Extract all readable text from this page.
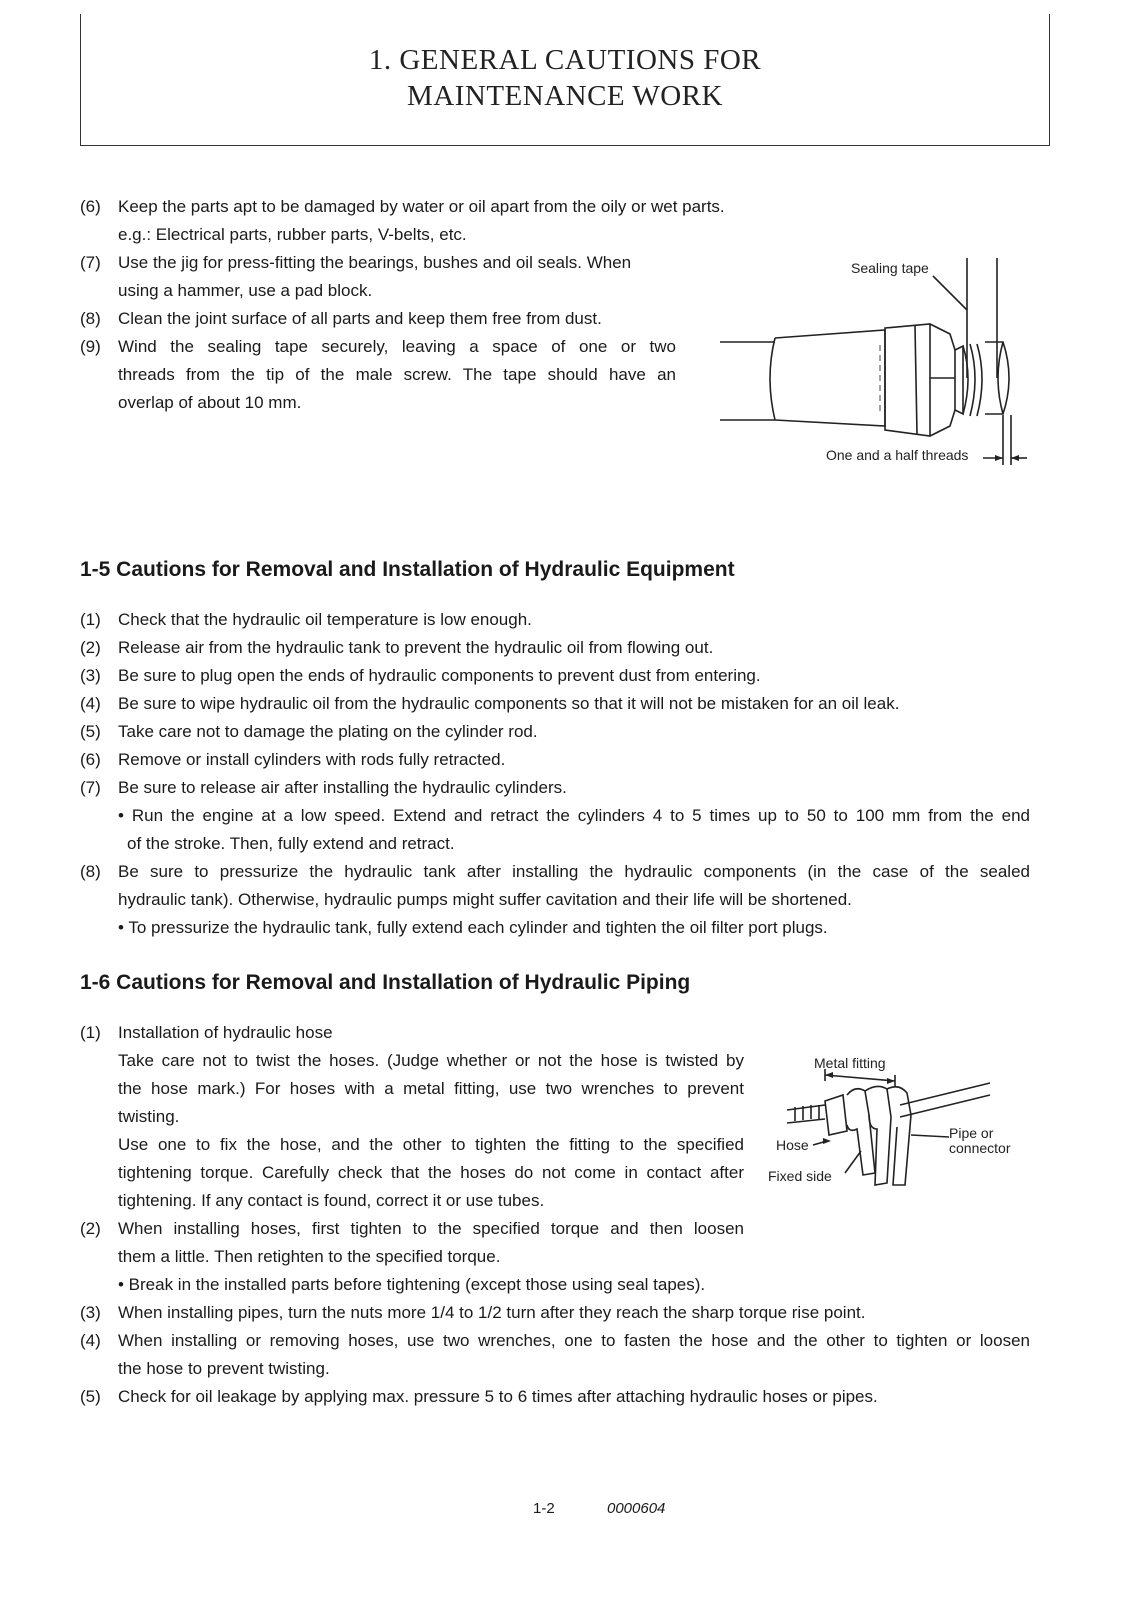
1. GENERAL CAUTIONS FOR
MAINTENANCE WORK
(6)	Keep the parts apt to be damaged by water or oil apart from the oily or wet parts.
e.g.: Electrical parts, rubber parts, V-belts, etc.
(7)	Use the jig for press-fitting the bearings, bushes and oil seals. When
using a hammer, use a pad block.
(8)	Clean the joint surface of all parts and keep them free from dust.
(9)	Wind the sealing tape securely, leaving a space of one or two
threads from the tip of the male screw. The tape should have an
overlap of about 10 mm.
Sealing tape
One and a half threads
1-5 Cautions for Removal and Installation of Hydraulic Equipment
(1)	Check that the hydraulic oil temperature is low enough.
(2)	Release air from the hydraulic tank to prevent the hydraulic oil from flowing out.
(3)	Be sure to plug open the ends of hydraulic components to prevent dust from entering.
(4)	Be sure to wipe hydraulic oil from the hydraulic components so that it will not be mistaken for an oil leak.
(5)	Take care not to damage the plating on the cylinder rod.
(6)	Remove or install cylinders with rods fully retracted.
(7)	Be sure to release air after installing the hydraulic cylinders.
• Run the engine at a low speed. Extend and retract the cylinders 4 to 5 times up to 50 to 100 mm from the end
of the stroke. Then, fully extend and retract.
(8)	Be sure to pressurize the hydraulic tank after installing the hydraulic components (in the case of the sealed
hydraulic tank). Otherwise, hydraulic pumps might suffer cavitation and their life will be shortened.
• To pressurize the hydraulic tank, fully extend each cylinder and tighten the oil filter port plugs.
1-6 Cautions for Removal and Installation of Hydraulic Piping
(1)	Installation of hydraulic hose
Take care not to twist the hoses. (Judge whether or not the hose is twisted by
the hose mark.) For hoses with a metal fitting, use two wrenches to prevent
twisting.
Use one to fix the hose, and the other to tighten the fitting to the specified
tightening torque. Carefully check that the hoses do not come in contact after
tightening. If any contact is found, correct it or use tubes.
(2)	When installing hoses, first tighten to the specified torque and then loosen
them a little. Then retighten to the specified torque.
• Break in the installed parts before tightening (except those using seal tapes).
(3)	When installing pipes, turn the nuts more 1/4 to 1/2 turn after they reach the sharp torque rise point.
(4)	When installing or removing hoses, use two wrenches, one to fasten the hose and the other to tighten or loosen
the hose to prevent twisting.
(5)	Check for oil leakage by applying max. pressure 5 to 6 times after attaching hydraulic hoses or pipes.
Metal fitting
Hose
Fixed side
Pipe or
connector
1-2	0000604
